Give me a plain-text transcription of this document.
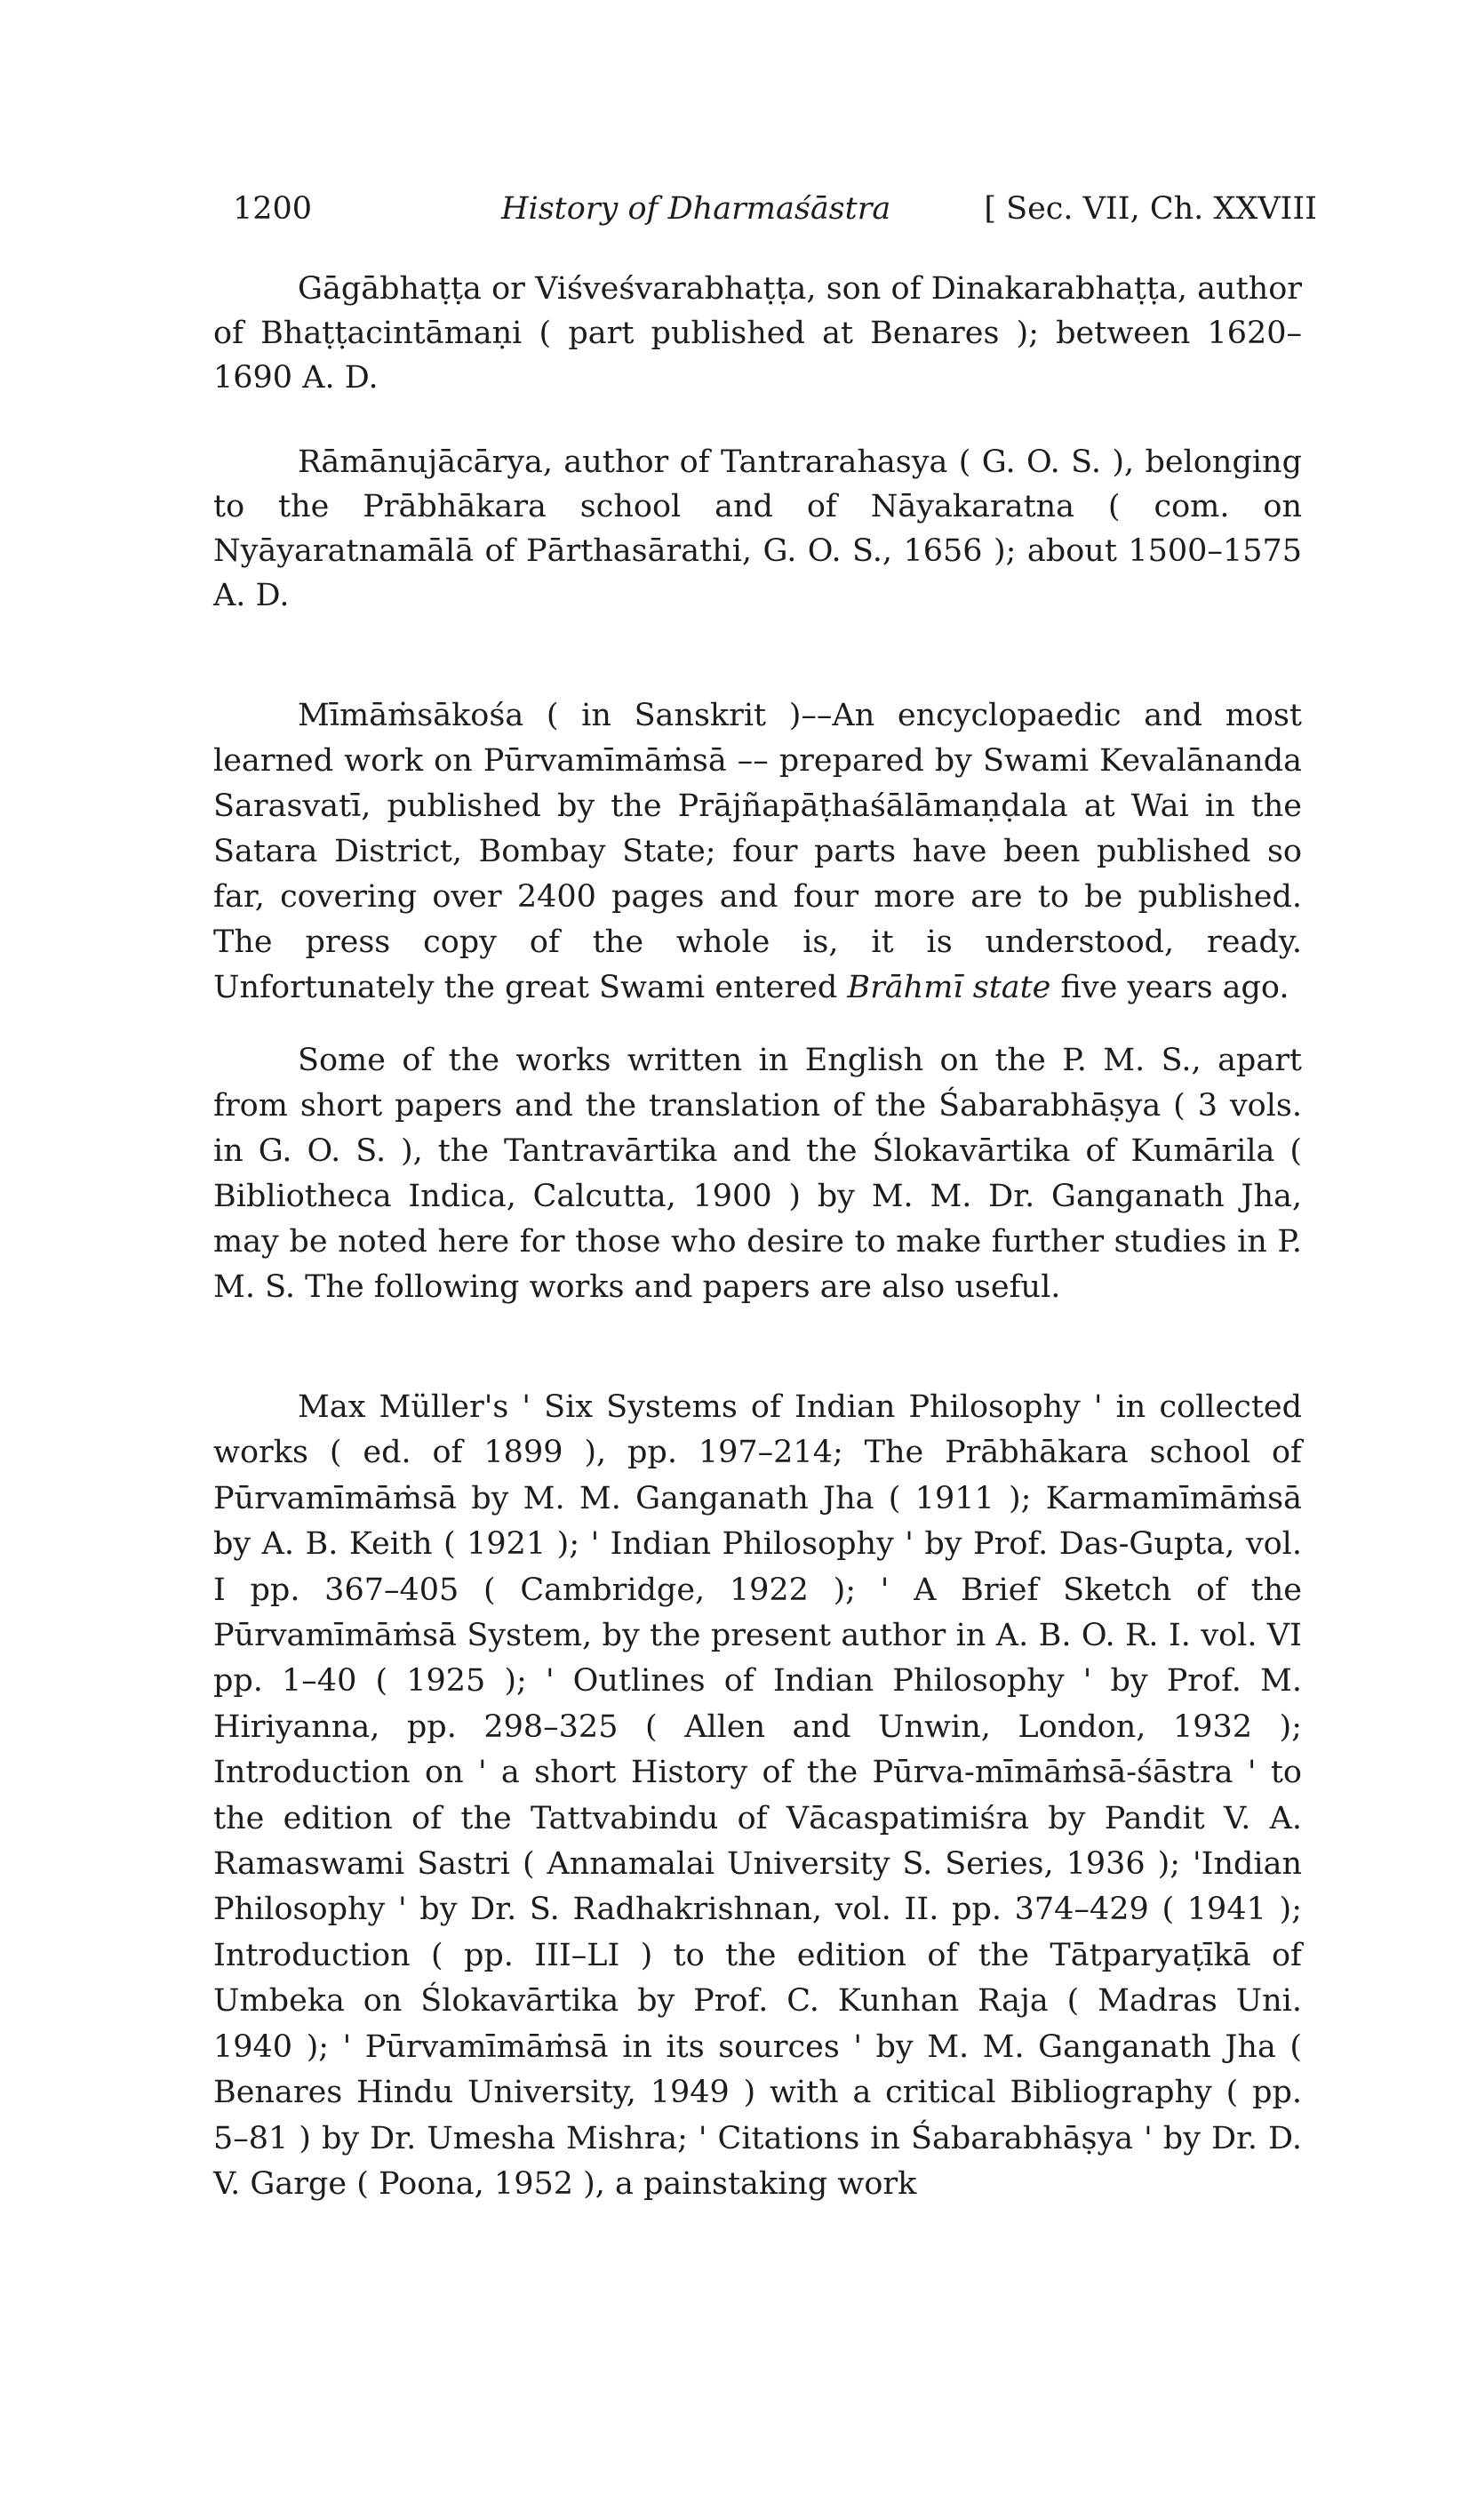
1200	History of Dharmaśāstra	[ Sec. VII, Ch. XXVIII

Gāgābhaṭṭa or Viśveśvarabhaṭṭa, son of Dinakarabhaṭṭa, author of Bhaṭṭacintāmaṇi ( part published at Benares ); between 1620–1690 A. D.

Rāmānujācārya, author of Tantrarahasya ( G. O. S. ), belonging to the Prābhākara school and of Nāyakaratna ( com. on Nyāyaratnamālā of Pārthasārathi, G. O. S., 1656 ); about 1500–1575 A. D.

Mīmāṁsākośa ( in Sanskrit )––An encyclopaedic and most learned work on Pūrvamīmāṁsā –– prepared by Swami Kevalānanda Sarasvatī, published by the Prājñapāṭhaśālāmaṇḍala at Wai in the Satara District, Bombay State; four parts have been published so far, covering over 2400 pages and four more are to be published. The press copy of the whole is, it is understood, ready. Unfortunately the great Swami entered Brāhmī state five years ago.

Some of the works written in English on the P. M. S., apart from short papers and the translation of the Śabarabhāṣya ( 3 vols. in G. O. S. ), the Tantravārtika and the Ślokavārtika of Kumārila ( Bibliotheca Indica, Calcutta, 1900 ) by M. M. Dr. Ganganath Jha, may be noted here for those who desire to make further studies in P. M. S. The following works and papers are also useful.

Max Müller's ' Six Systems of Indian Philosophy ' in collected works ( ed. of 1899 ), pp. 197–214; The Prābhākara school of Pūrvamīmāṁsā by M. M. Ganganath Jha ( 1911 ); Karmamīmāṁsā by A. B. Keith ( 1921 ); ' Indian Philosophy ' by Prof. Das-Gupta, vol. I pp. 367–405 ( Cambridge, 1922 ); ' A Brief Sketch of the Pūrvamīmāṁsā System, by the present author in A. B. O. R. I. vol. VI pp. 1–40 ( 1925 ); ' Outlines of Indian Philosophy ' by Prof. M. Hiriyanna, pp. 298–325 ( Allen and Unwin, London, 1932 ); Introduction on ' a short History of the Pūrva-mīmāṁsā-śāstra ' to the edition of the Tattvabindu of Vācaspatimiśra by Pandit V. A. Ramaswami Sastri ( Annamalai University S. Series, 1936 ); 'Indian Philosophy ' by Dr. S. Radhakrishnan, vol. II. pp. 374–429 ( 1941 ); Introduction ( pp. III–LI ) to the edition of the Tātparyaṭīkā of Umbeka on Ślokavārtika by Prof. C. Kunhan Raja ( Madras Uni. 1940 ); ' Pūrvamīmāṁsā in its sources ' by M. M. Ganganath Jha ( Benares Hindu University, 1949 ) with a critical Bibliography ( pp. 5–81 ) by Dr. Umesha Mishra; ' Citations in Śabarabhāṣya ' by Dr. D. V. Garge ( Poona, 1952 ), a painstaking work
